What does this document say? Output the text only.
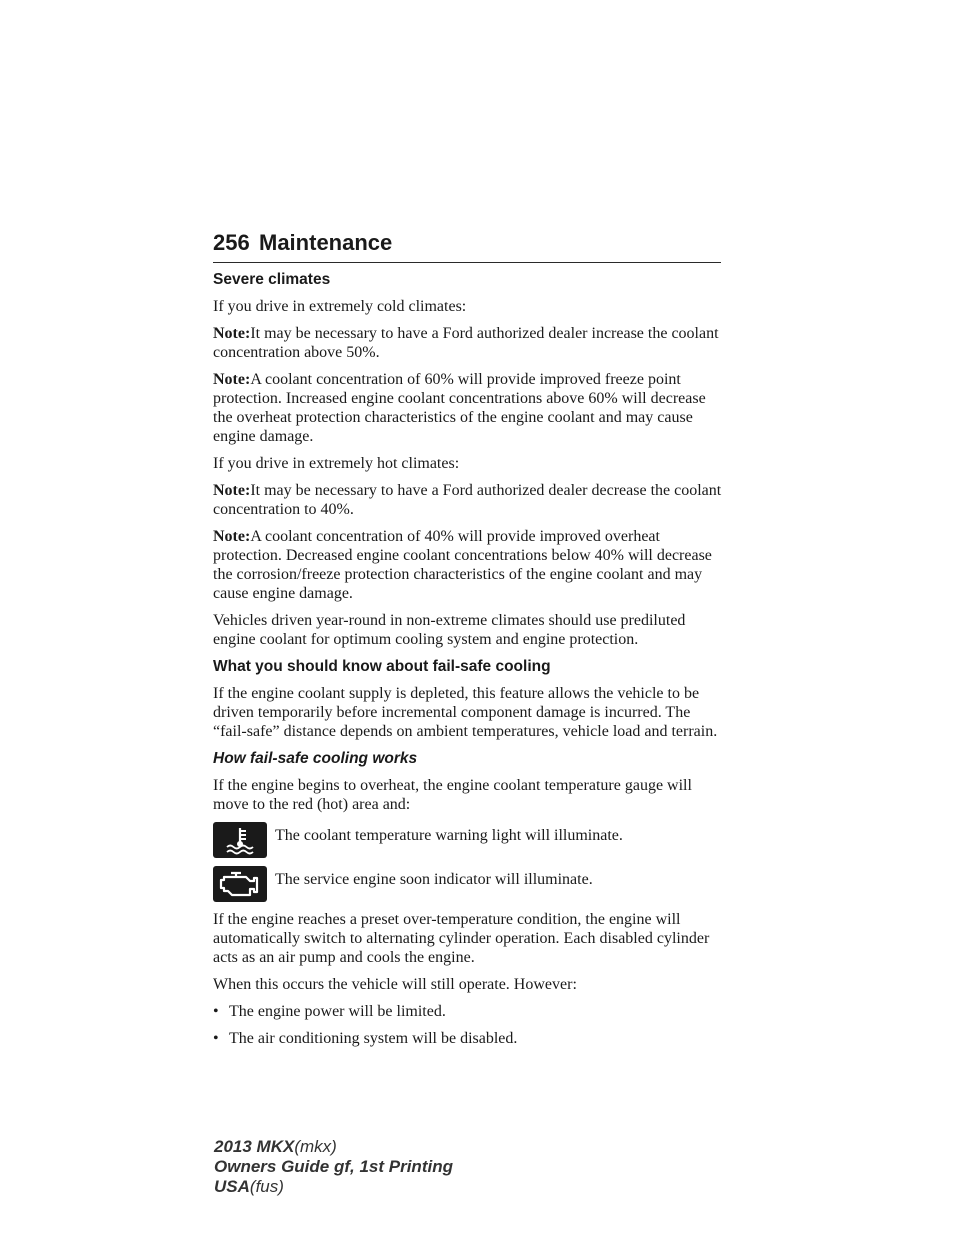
256 Maintenance
Severe climates

If you drive in extremely cold climates:

Note:It may be necessary to have a Ford authorized dealer increase the coolant concentration above 50%.

Note:A coolant concentration of 60% will provide improved freeze point protection. Increased engine coolant concentrations above 60% will decrease the overheat protection characteristics of the engine coolant and may cause engine damage.

If you drive in extremely hot climates:

Note:It may be necessary to have a Ford authorized dealer decrease the coolant concentration to 40%.

Note:A coolant concentration of 40% will provide improved overheat protection. Decreased engine coolant concentrations below 40% will decrease the corrosion/freeze protection characteristics of the engine coolant and may cause engine damage.

Vehicles driven year-round in non-extreme climates should use prediluted engine coolant for optimum cooling system and engine protection.

What you should know about fail-safe cooling

If the engine coolant supply is depleted, this feature allows the vehicle to be driven temporarily before incremental component damage is incurred. The “fail-safe” distance depends on ambient temperatures, vehicle load and terrain.

How fail-safe cooling works

If the engine begins to overheat, the engine coolant temperature gauge will move to the red (hot) area and:

The coolant temperature warning light will illuminate.
The service engine soon indicator will illuminate.

If the engine reaches a preset over-temperature condition, the engine will automatically switch to alternating cylinder operation. Each disabled cylinder acts as an air pump and cools the engine.

When this occurs the vehicle will still operate. However:

• The engine power will be limited.
• The air conditioning system will be disabled.
2013 MKX(mkx)
Owners Guide gf, 1st Printing
USA(fus)
